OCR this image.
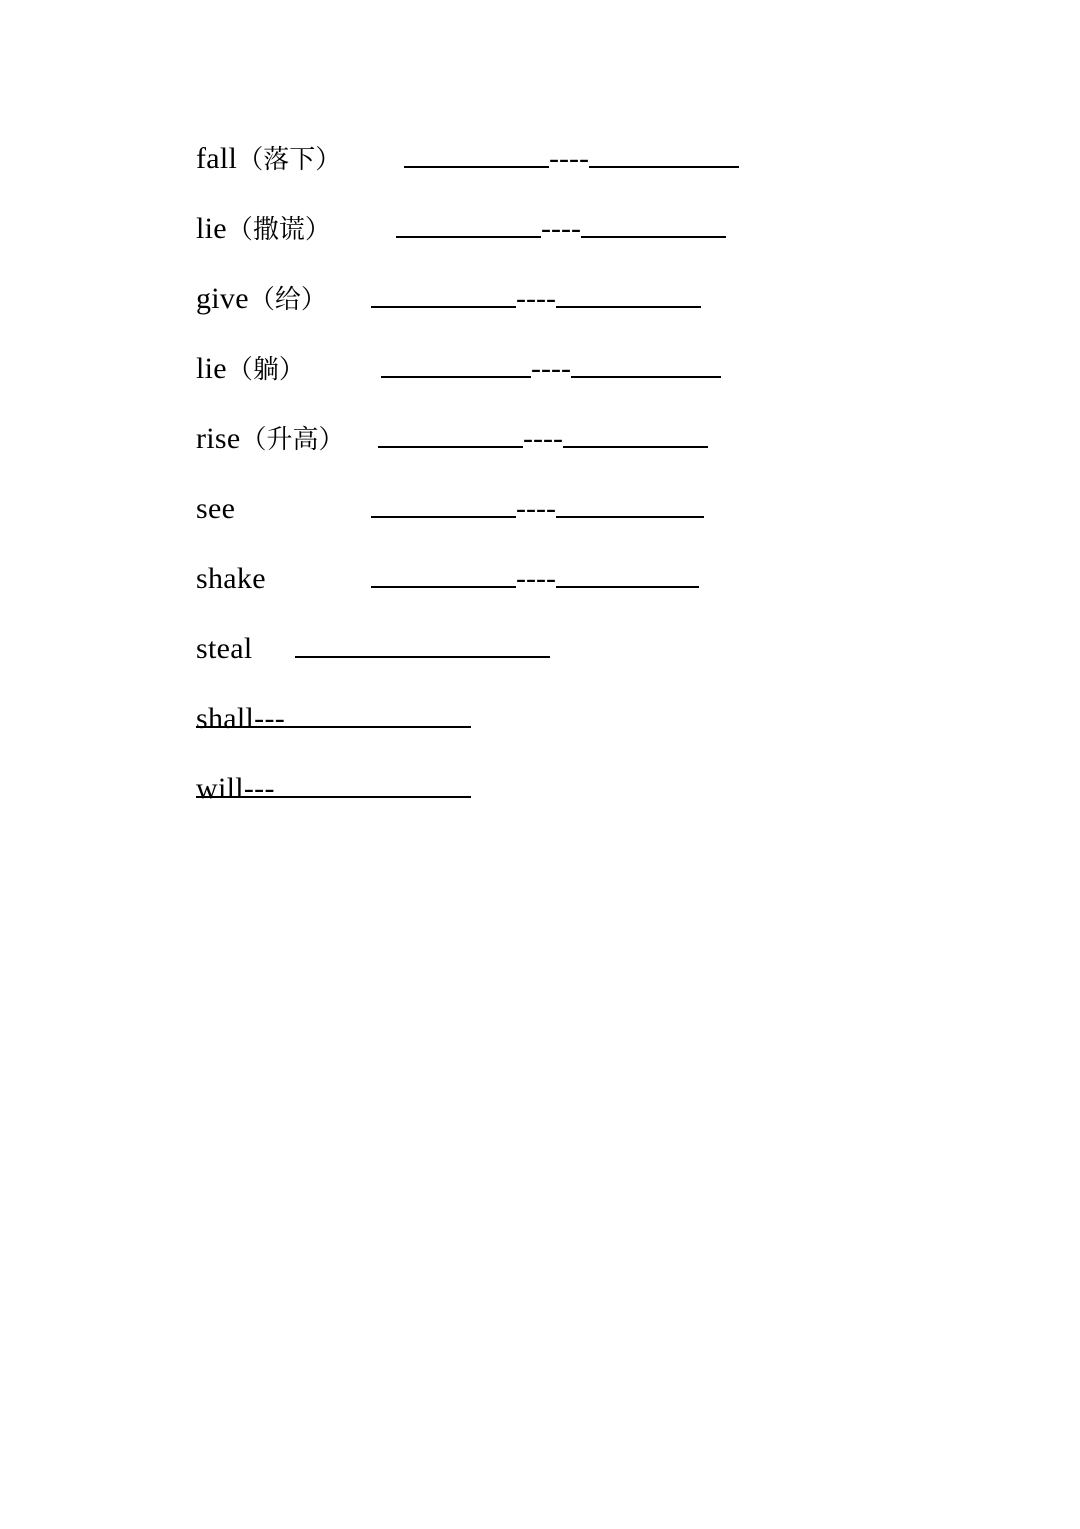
fall（落下）	----
lie（撒谎）	----
give（给）	----
lie（躺）	----
rise（升高）	----
see	----
shake	----
steal
shall---
will---
